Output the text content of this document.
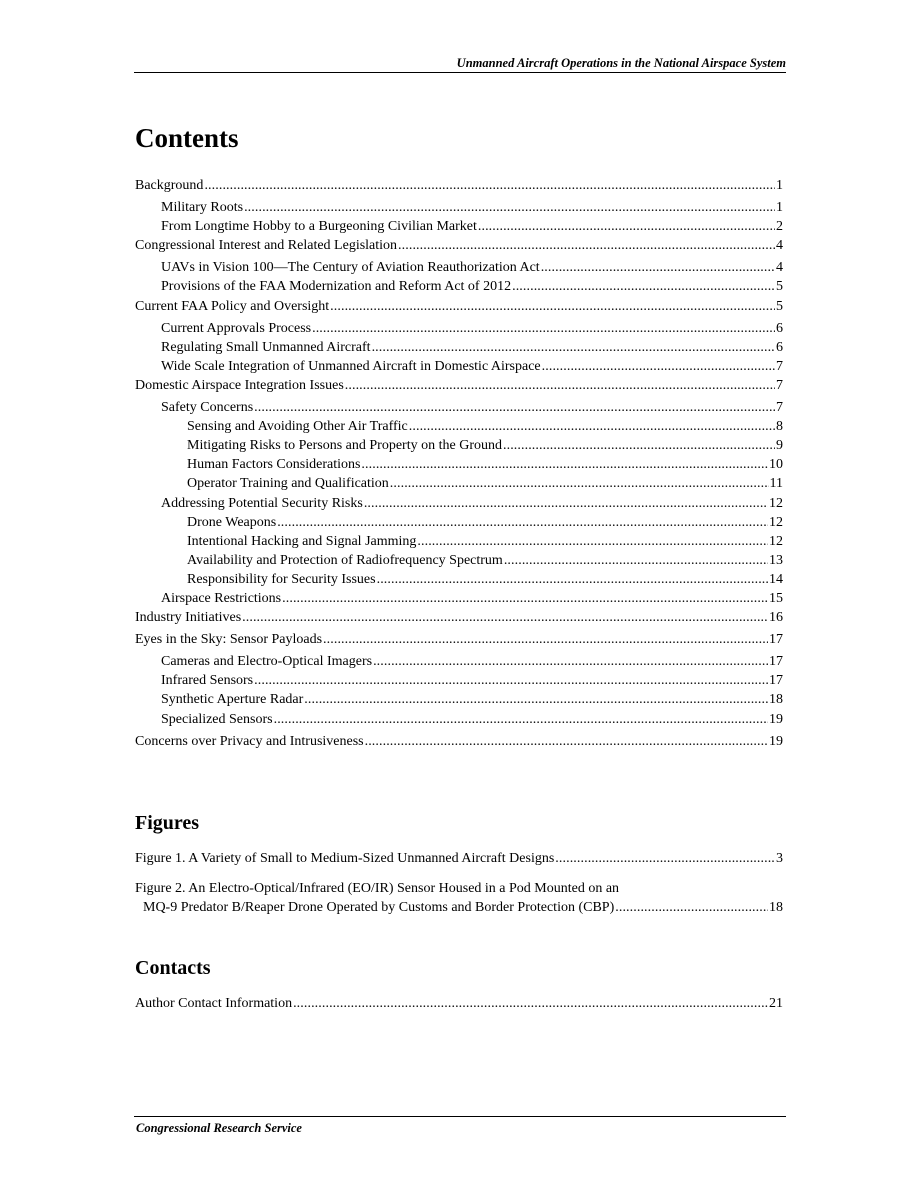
Unmanned Aircraft Operations in the National Airspace System
Contents
Background . . .	1
Military Roots . . .	1
From Longtime Hobby to a Burgeoning Civilian Market . . .	2
Congressional Interest and Related Legislation . . .	4
UAVs in Vision 100—The Century of Aviation Reauthorization Act . . .	4
Provisions of the FAA Modernization and Reform Act of 2012 . . .	5
Current FAA Policy and Oversight . . .	5
Current Approvals Process . . .	6
Regulating Small Unmanned Aircraft . . .	6
Wide Scale Integration of Unmanned Aircraft in Domestic Airspace . . .	7
Domestic Airspace Integration Issues . . .	7
Safety Concerns . . .	7
Sensing and Avoiding Other Air Traffic . . .	8
Mitigating Risks to Persons and Property on the Ground . . .	9
Human Factors Considerations . . .	10
Operator Training and Qualification . . .	11
Addressing Potential Security Risks . . .	12
Drone Weapons . . .	12
Intentional Hacking and Signal Jamming . . .	12
Availability and Protection of Radiofrequency Spectrum . . .	13
Responsibility for Security Issues . . .	14
Airspace Restrictions . . .	15
Industry Initiatives . . .	16
Eyes in the Sky: Sensor Payloads . . .	17
Cameras and Electro-Optical Imagers . . .	17
Infrared Sensors . . .	17
Synthetic Aperture Radar . . .	18
Specialized Sensors . . .	19
Concerns over Privacy and Intrusiveness . . .	19
Figures
Figure 1. A Variety of Small to Medium-Sized Unmanned Aircraft Designs . . .	3
Figure 2. An Electro-Optical/Infrared (EO/IR) Sensor Housed in a Pod Mounted on an
MQ-9 Predator B/Reaper Drone Operated by Customs and Border Protection (CBP) . . .	18
Contacts
Author Contact Information . . .	21
Congressional Research Service
